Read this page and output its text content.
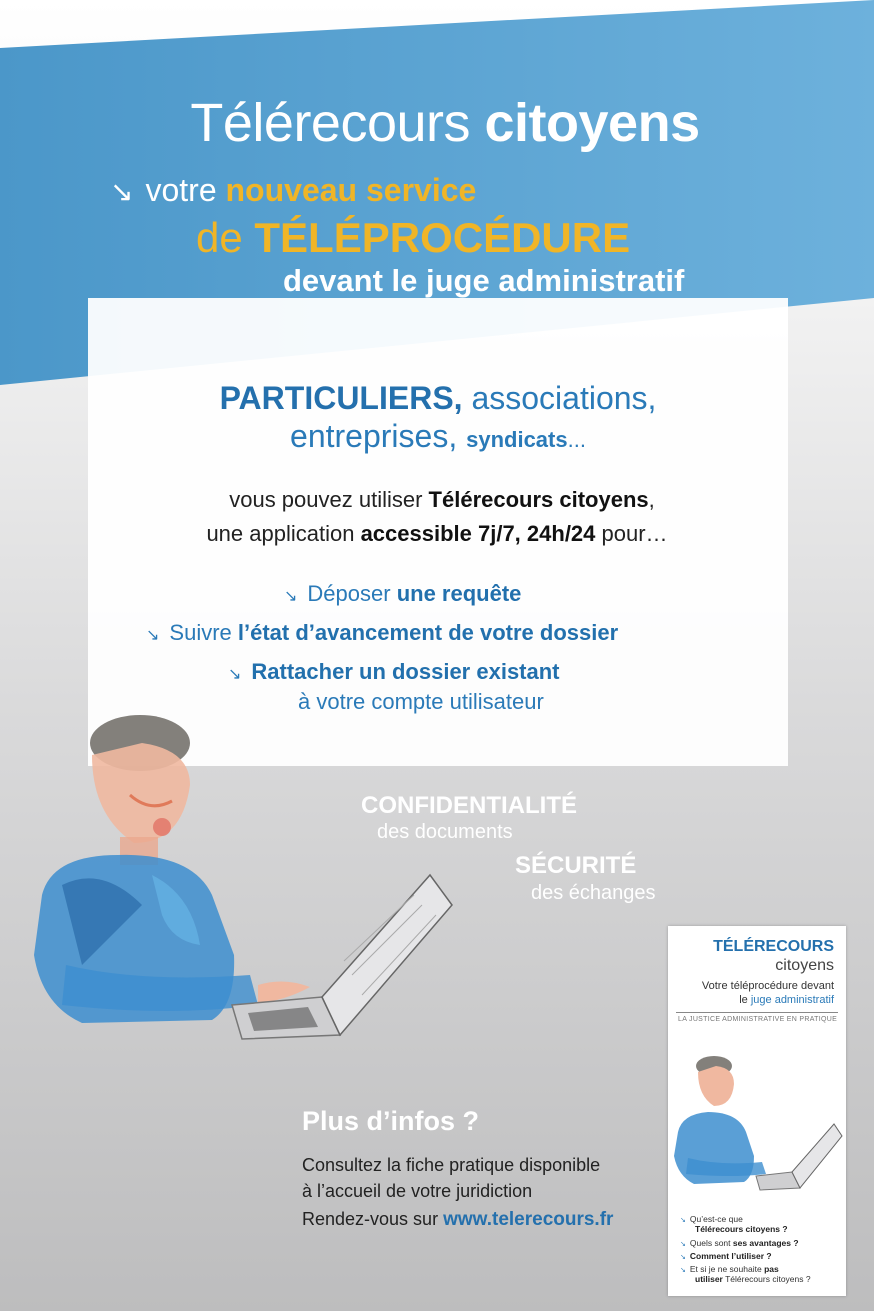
Télérecours citoyens
↘ votre nouveau service
de TÉLÉPROCÉDURE
devant le juge administratif
PARTICULIERS, associations,
entreprises, syndicats...
vous pouvez utiliser Télérecours citoyens,
une application accessible 7j/7, 24h/24 pour…
↘ Déposer une requête
↘ Suivre l’état d’avancement de votre dossier
↘ Rattacher un dossier existant
à votre compte utilisateur
CONFIDENTIALITÉ
des documents
SÉCURITÉ
des échanges
Plus d’infos ?
Consultez la fiche pratique disponible
à l’accueil de votre juridiction
Rendez-vous sur www.telerecours.fr
TÉLÉRECOURS
citoyens
Votre téléprocédure devant
le juge administratif
LA JUSTICE ADMINISTRATIVE EN PRATIQUE
↘ Qu’est-ce que
Télérecours citoyens ?
↘ Quels sont ses avantages ?
↘ Comment l’utiliser ?
↘ Et si je ne souhaite pas
utiliser Télérecours citoyens ?
